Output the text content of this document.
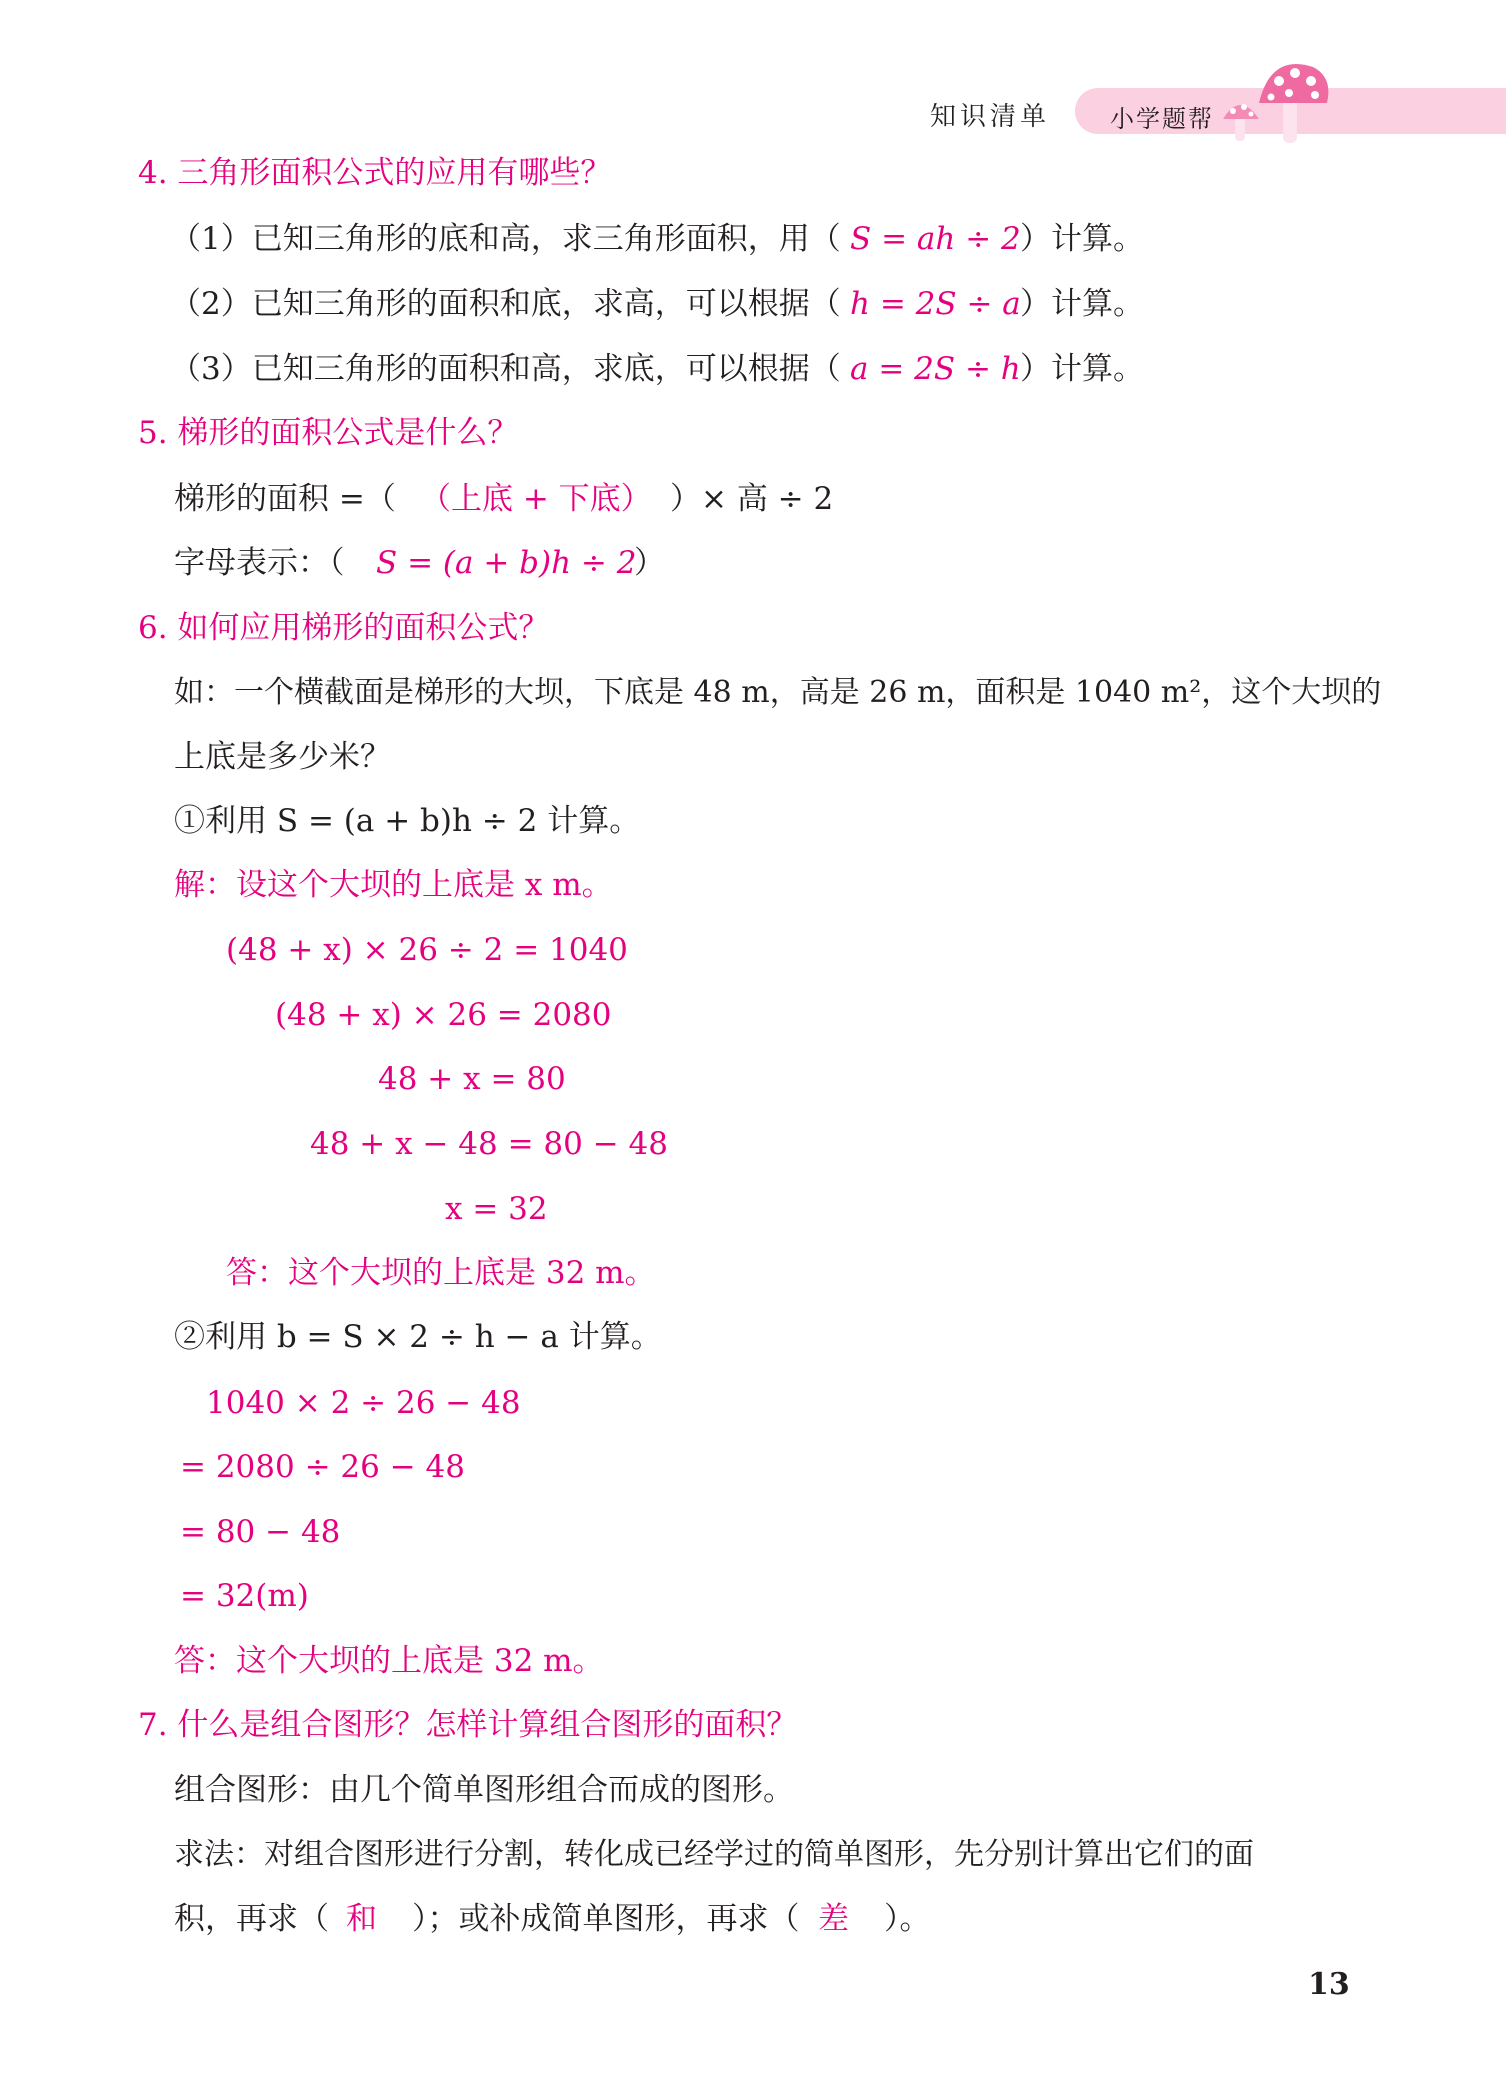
知识清单 小学题帮
4. 三角形面积公式的应用有哪些？
（1）已知三角形的底和高，求三角形面积，用（ S = ah ÷ 2 ）计算。
（2）已知三角形的面积和底，求高，可以根据（ h = 2S ÷ a ）计算。
（3）已知三角形的面积和高，求底，可以根据（ a = 2S ÷ h ）计算。
5. 梯形的面积公式是什么？
梯形的面积 =（ （上底 + 下底） ）× 高 ÷ 2
字母表示：（ S = (a + b)h ÷ 2
）
6. 如何应用梯形的面积公式？
如：一个横截面是梯形的大坝，下底是 48 m，高是 26 m，面积是 1040 m²，这个大坝的
上底是多少米？
①利用 S = (a + b)h ÷ 2 计算。
解：设这个大坝的上底是 x m。
(48 + x) × 26 ÷ 2 = 1040
(48 + x) × 26 = 2080
48 + x = 80
48 + x − 48 = 80 − 48
x = 32
答：这个大坝的上底是 32 m。
②利用 b = S × 2 ÷ h − a 计算。
1040 × 2 ÷ 26 − 48
= 2080 ÷ 26 − 48
= 80 − 48
= 32(m)
答：这个大坝的上底是 32 m。
7. 什么是组合图形？怎样计算组合图形的面积？
组合图形：由几个简单图形组合而成的图形。
求法：对组合图形进行分割，转化成已经学过的简单图形，先分别计算出它们的面
积，再求（ 和 ）；或补成简单图形，再求（ 差 ）。
13
